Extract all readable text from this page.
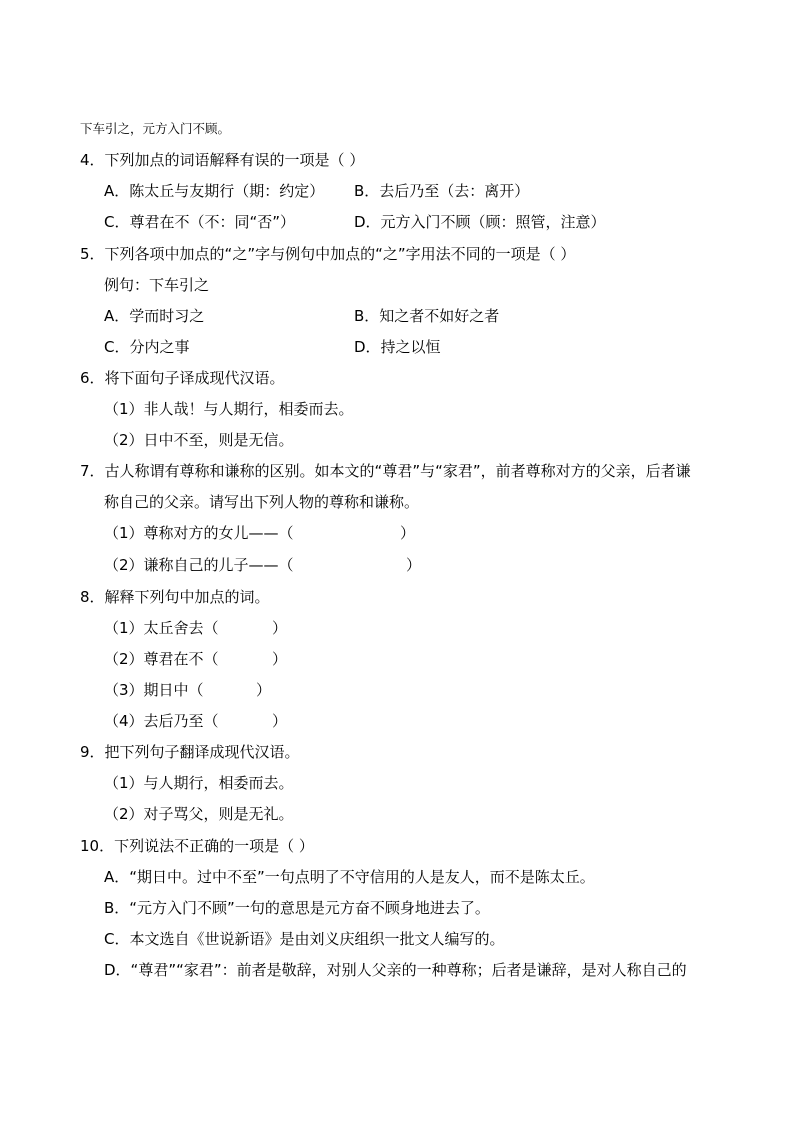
下车引之，元方入门不顾。
4．下列加点的词语解释有误的一项是（ ）
A．陈太丘与友期行（期：约定） B．去后乃至（去：离开）
C．尊君在不（不：同“否”）	D．元方入门不顾（顾：照管，注意）
5．下列各项中加点的“之”字与例句中加点的“之”字用法不同的一项是（ ）
例句：下车引之
A．学而时习之	B．知之者不如好之者
C．分内之事	D．持之以恒
6．将下面句子译成现代汉语。
（1）非人哉！与人期行，相委而去。
（2）日中不至，则是无信。
7．古人称谓有尊称和谦称的区别。如本文的“尊君”与“家君”，前者尊称对方的父亲，后者谦
称自己的父亲。请写出下列人物的尊称和谦称。
（1）尊称对方的女儿——（	）
（2）谦称自己的儿子——（	）
8．解释下列句中加点的词。
（1）太丘舍去（	）
（2）尊君在不（	）
（3）期日中（	）
（4）去后乃至（	）
9．把下列句子翻译成现代汉语。
（1）与人期行，相委而去。
（2）对子骂父，则是无礼。
10．下列说法不正确的一项是（ ）
A．“期日中。过中不至”一句点明了不守信用的人是友人，而不是陈太丘。
B．“元方入门不顾”一句的意思是元方奋不顾身地进去了。
C．本文选自《世说新语》是由刘义庆组织一批文人编写的。
D．“尊君”“家君”：前者是敬辞，对别人父亲的一种尊称；后者是谦辞，是对人称自己的
